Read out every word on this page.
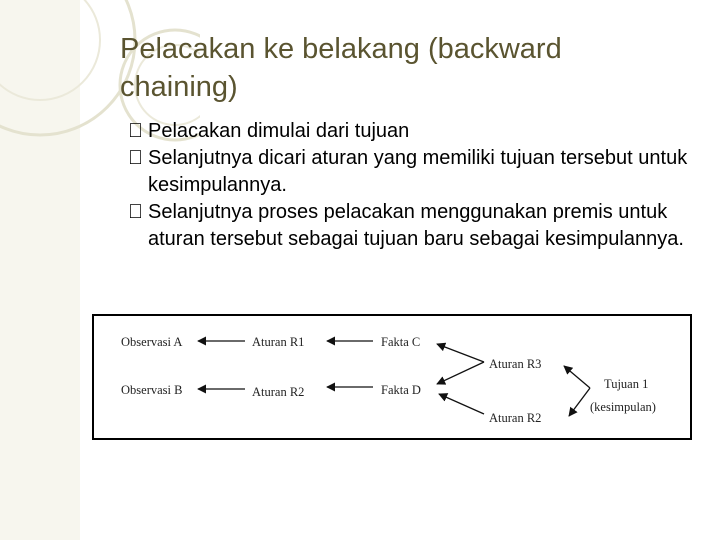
Pelacakan ke belakang (backward chaining)
Pelacakan dimulai dari tujuan
Selanjutnya dicari aturan yang memiliki tujuan tersebut untuk kesimpulannya.
Selanjutnya proses pelacakan menggunakan premis untuk aturan tersebut sebagai tujuan baru sebagai kesimpulannya.
Observasi A
Observasi B
Aturan R1
Aturan R2
Fakta C
Fakta D
Aturan R3
Aturan R2
Tujuan 1
(kesimpulan)
